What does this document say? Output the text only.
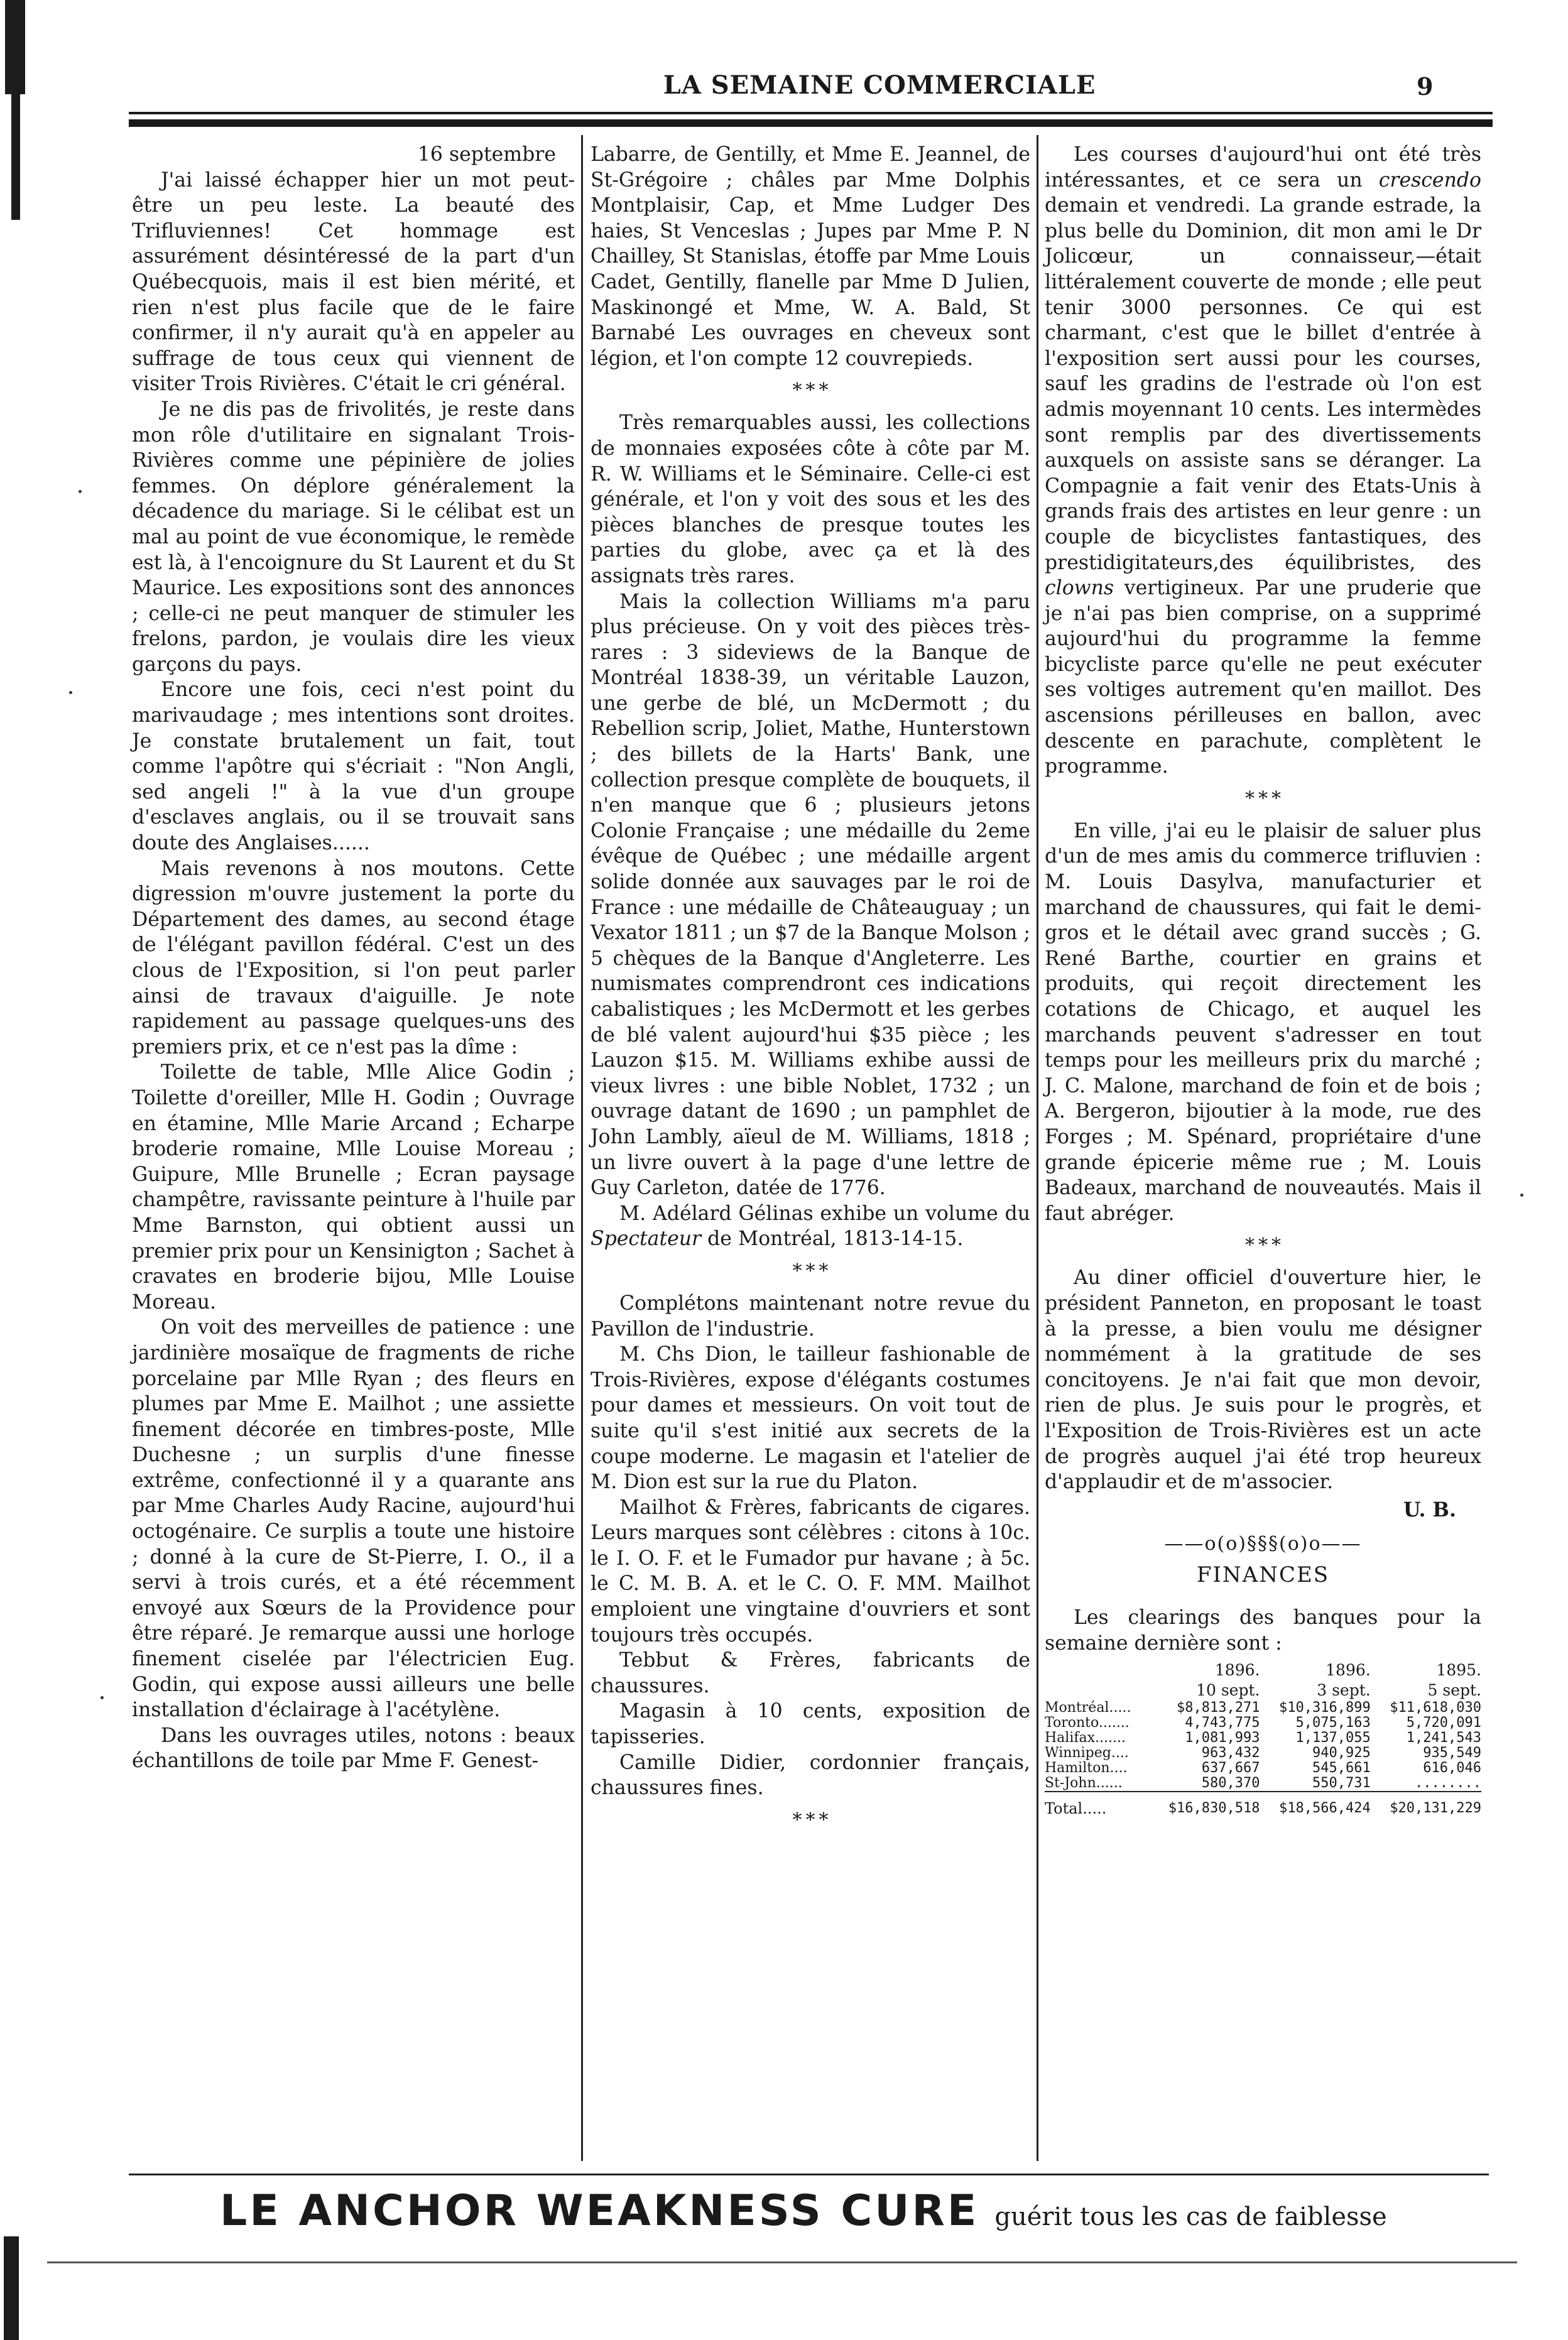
LA SEMAINE COMMERCIALE	9

16 septembre

J'ai laissé échapper hier un mot peut-être un peu leste. La beauté des Trifluviennes! Cet hommage est assurément désintéressé de la part d'un Québecquois, mais il est bien mérité, et rien n'est plus facile que de le faire confirmer, il n'y aurait qu'à en appeler au suffrage de tous ceux qui viennent de visiter Trois Rivières. C'était le cri général.

Je ne dis pas de frivolités, je reste dans mon rôle d'utilitaire en signalant Trois-Rivières comme une pépinière de jolies femmes. On déplore généralement la décadence du mariage. Si le célibat est un mal au point de vue économique, le remède est là, à l'encoignure du St Laurent et du St Maurice. Les expositions sont des annonces ; celle-ci ne peut manquer de stimuler les frelons, pardon, je voulais dire les vieux garçons du pays.

Encore une fois, ceci n'est point du marivaudage ; mes intentions sont droites. Je constate brutalement un fait, tout comme l'apôtre qui s'écriait : "Non Angli, sed angeli !" à la vue d'un groupe d'esclaves anglais, ou il se trouvait sans doute des Anglaises......

Mais revenons à nos moutons. Cette digression m'ouvre justement la porte du Département des dames, au second étage de l'élégant pavillon fédéral. C'est un des clous de l'Exposition, si l'on peut parler ainsi de travaux d'aiguille. Je note rapidement au passage quelques-uns des premiers prix, et ce n'est pas la dîme :

Toilette de table, Mlle Alice Godin ; Toilette d'oreiller, Mlle H. Godin ; Ouvrage en étamine, Mlle Marie Arcand ; Echarpe broderie romaine, Mlle Louise Moreau ; Guipure, Mlle Brunelle ; Ecran paysage champêtre, ravissante peinture à l'huile par Mme Barnston, qui obtient aussi un premier prix pour un Kensinigton ; Sachet à cravates en broderie bijou, Mlle Louise Moreau.

On voit des merveilles de patience : une jardinière mosaïque de fragments de riche porcelaine par Mlle Ryan ; des fleurs en plumes par Mme E. Mailhot ; une assiette finement décorée en timbres-poste, Mlle Duchesne ; un surplis d'une finesse extrême, confectionné il y a quarante ans par Mme Charles Audy Racine, aujourd'hui octogénaire. Ce surplis a toute une histoire ; donné à la cure de St-Pierre, I. O., il a servi à trois curés, et a été récemment envoyé aux Sœurs de la Providence pour être réparé. Je remarque aussi une horloge finement ciselée par l'électricien Eug. Godin, qui expose aussi ailleurs une belle installation d'éclairage à l'acétylène.

Dans les ouvrages utiles, notons : beaux échantillons de toile par Mme F. Genest-

Labarre, de Gentilly, et Mme E. Jeannel, de St-Grégoire ; châles par Mme Dolphis Montplaisir, Cap, et Mme Ludger Des haies, St Venceslas ; Jupes par Mme P. N Chailley, St Stanislas, étoffe par Mme Louis Cadet, Gentilly, flanelle par Mme D Julien, Maskinongé et Mme, W. A. Bald, St Barnabé Les ouvrages en cheveux sont légion, et l'on compte 12 couvrepieds.

* * *

Très remarquables aussi, les collections de monnaies exposées côte à côte par M. R. W. Williams et le Séminaire. Celle-ci est générale, et l'on y voit des sous et les des pièces blanches de presque toutes les parties du globe, avec ça et là des assignats très rares.

Mais la collection Williams m'a paru plus précieuse. On y voit des pièces très-rares : 3 sideviews de la Banque de Montréal 1838-39, un véritable Lauzon, une gerbe de blé, un McDermott ; du Rebellion scrip, Joliet, Mathe, Hunterstown ; des billets de la Harts' Bank, une collection presque complète de bouquets, il n'en manque que 6 ; plusieurs jetons Colonie Française ; une médaille du 2eme évêque de Québec ; une médaille argent solide donnée aux sauvages par le roi de France : une médaille de Châteauguay ; un Vexator 1811 ; un $7 de la Banque Molson ; 5 chèques de la Banque d'Angleterre. Les numismates comprendront ces indications cabalistiques ; les McDermott et les gerbes de blé valent aujourd'hui $35 pièce ; les Lauzon $15. M. Williams exhibe aussi de vieux livres : une bible Noblet, 1732 ; un ouvrage datant de 1690 ; un pamphlet de John Lambly, aïeul de M. Williams, 1818 ; un livre ouvert à la page d'une lettre de Guy Carleton, datée de 1776.

M. Adélard Gélinas exhibe un volume du Spectateur de Montréal, 1813-14-15.

* * *

Complétons maintenant notre revue du Pavillon de l'industrie.

M. Chs Dion, le tailleur fashionable de Trois-Rivières, expose d'élégants costumes pour dames et messieurs. On voit tout de suite qu'il s'est initié aux secrets de la coupe moderne. Le magasin et l'atelier de M. Dion est sur la rue du Platon.

Mailhot & Frères, fabricants de cigares. Leurs marques sont célèbres : citons à 10c. le I. O. F. et le Fumador pur havane ; à 5c. le C. M. B. A. et le C. O. F. MM. Mailhot emploient une vingtaine d'ouvriers et sont toujours très occupés.

Tebbut & Frères, fabricants de chaussures.

Magasin à 10 cents, exposition de tapisseries.

Camille Didier, cordonnier français, chaussures fines.

* * *

Les courses d'aujourd'hui ont été très intéressantes, et ce sera un crescendo demain et vendredi. La grande estrade, la plus belle du Dominion, dit mon ami le Dr Jolicœur, un connaisseur,—était littéralement couverte de monde ; elle peut tenir 3000 personnes. Ce qui est charmant, c'est que le billet d'entrée à l'exposition sert aussi pour les courses, sauf les gradins de l'estrade où l'on est admis moyennant 10 cents. Les intermèdes sont remplis par des divertissements auxquels on assiste sans se déranger. La Compagnie a fait venir des Etats-Unis à grands frais des artistes en leur genre : un couple de bicyclistes fantastiques, des prestidigitateurs,des équilibristes, des clowns vertigineux. Par une pruderie que je n'ai pas bien comprise, on a supprimé aujourd'hui du programme la femme bicycliste parce qu'elle ne peut exécuter ses voltiges autrement qu'en maillot. Des ascensions périlleuses en ballon, avec descente en parachute, complètent le programme.

* * *

En ville, j'ai eu le plaisir de saluer plus d'un de mes amis du commerce trifluvien : M. Louis Dasylva, manufacturier et marchand de chaussures, qui fait le demi-gros et le détail avec grand succès ; G. René Barthe, courtier en grains et produits, qui reçoit directement les cotations de Chicago, et auquel les marchands peuvent s'adresser en tout temps pour les meilleurs prix du marché ; J. C. Malone, marchand de foin et de bois ; A. Bergeron, bijoutier à la mode, rue des Forges ; M. Spénard, propriétaire d'une grande épicerie même rue ; M. Louis Badeaux, marchand de nouveautés. Mais il faut abréger.

* * *

Au diner officiel d'ouverture hier, le président Panneton, en proposant le toast à la presse, a bien voulu me désigner nommément à la gratitude de ses concitoyens. Je n'ai fait que mon devoir, rien de plus. Je suis pour le progrès, et l'Exposition de Trois-Rivières est un acte de progrès auquel j'ai été trop heureux d'applaudir et de m'associer.

U. B.
——o(o)§§§(o)o——
FINANCES

Les clearings des banques pour la semaine dernière sont :

	1896.	1896.	1895.
	10 sept.	3 sept.	5 sept.
Montréal.....	$8,813,271	$10,316,899	$11,618,030
Toronto.......	4,743,775	5,075,163	5,720,091
Halifax.......	1,081,993	1,137,055	1,241,543
Winnipeg....	963,432	940,925	935,549
Hamilton....	637,667	545,661	616,046
St-John......	580,370	550,731	........
Total.....	$16,830,518	$18,566,424	$20,131,229
LE ANCHOR WEAKNESS CURE guérit tous les cas de faiblesse
